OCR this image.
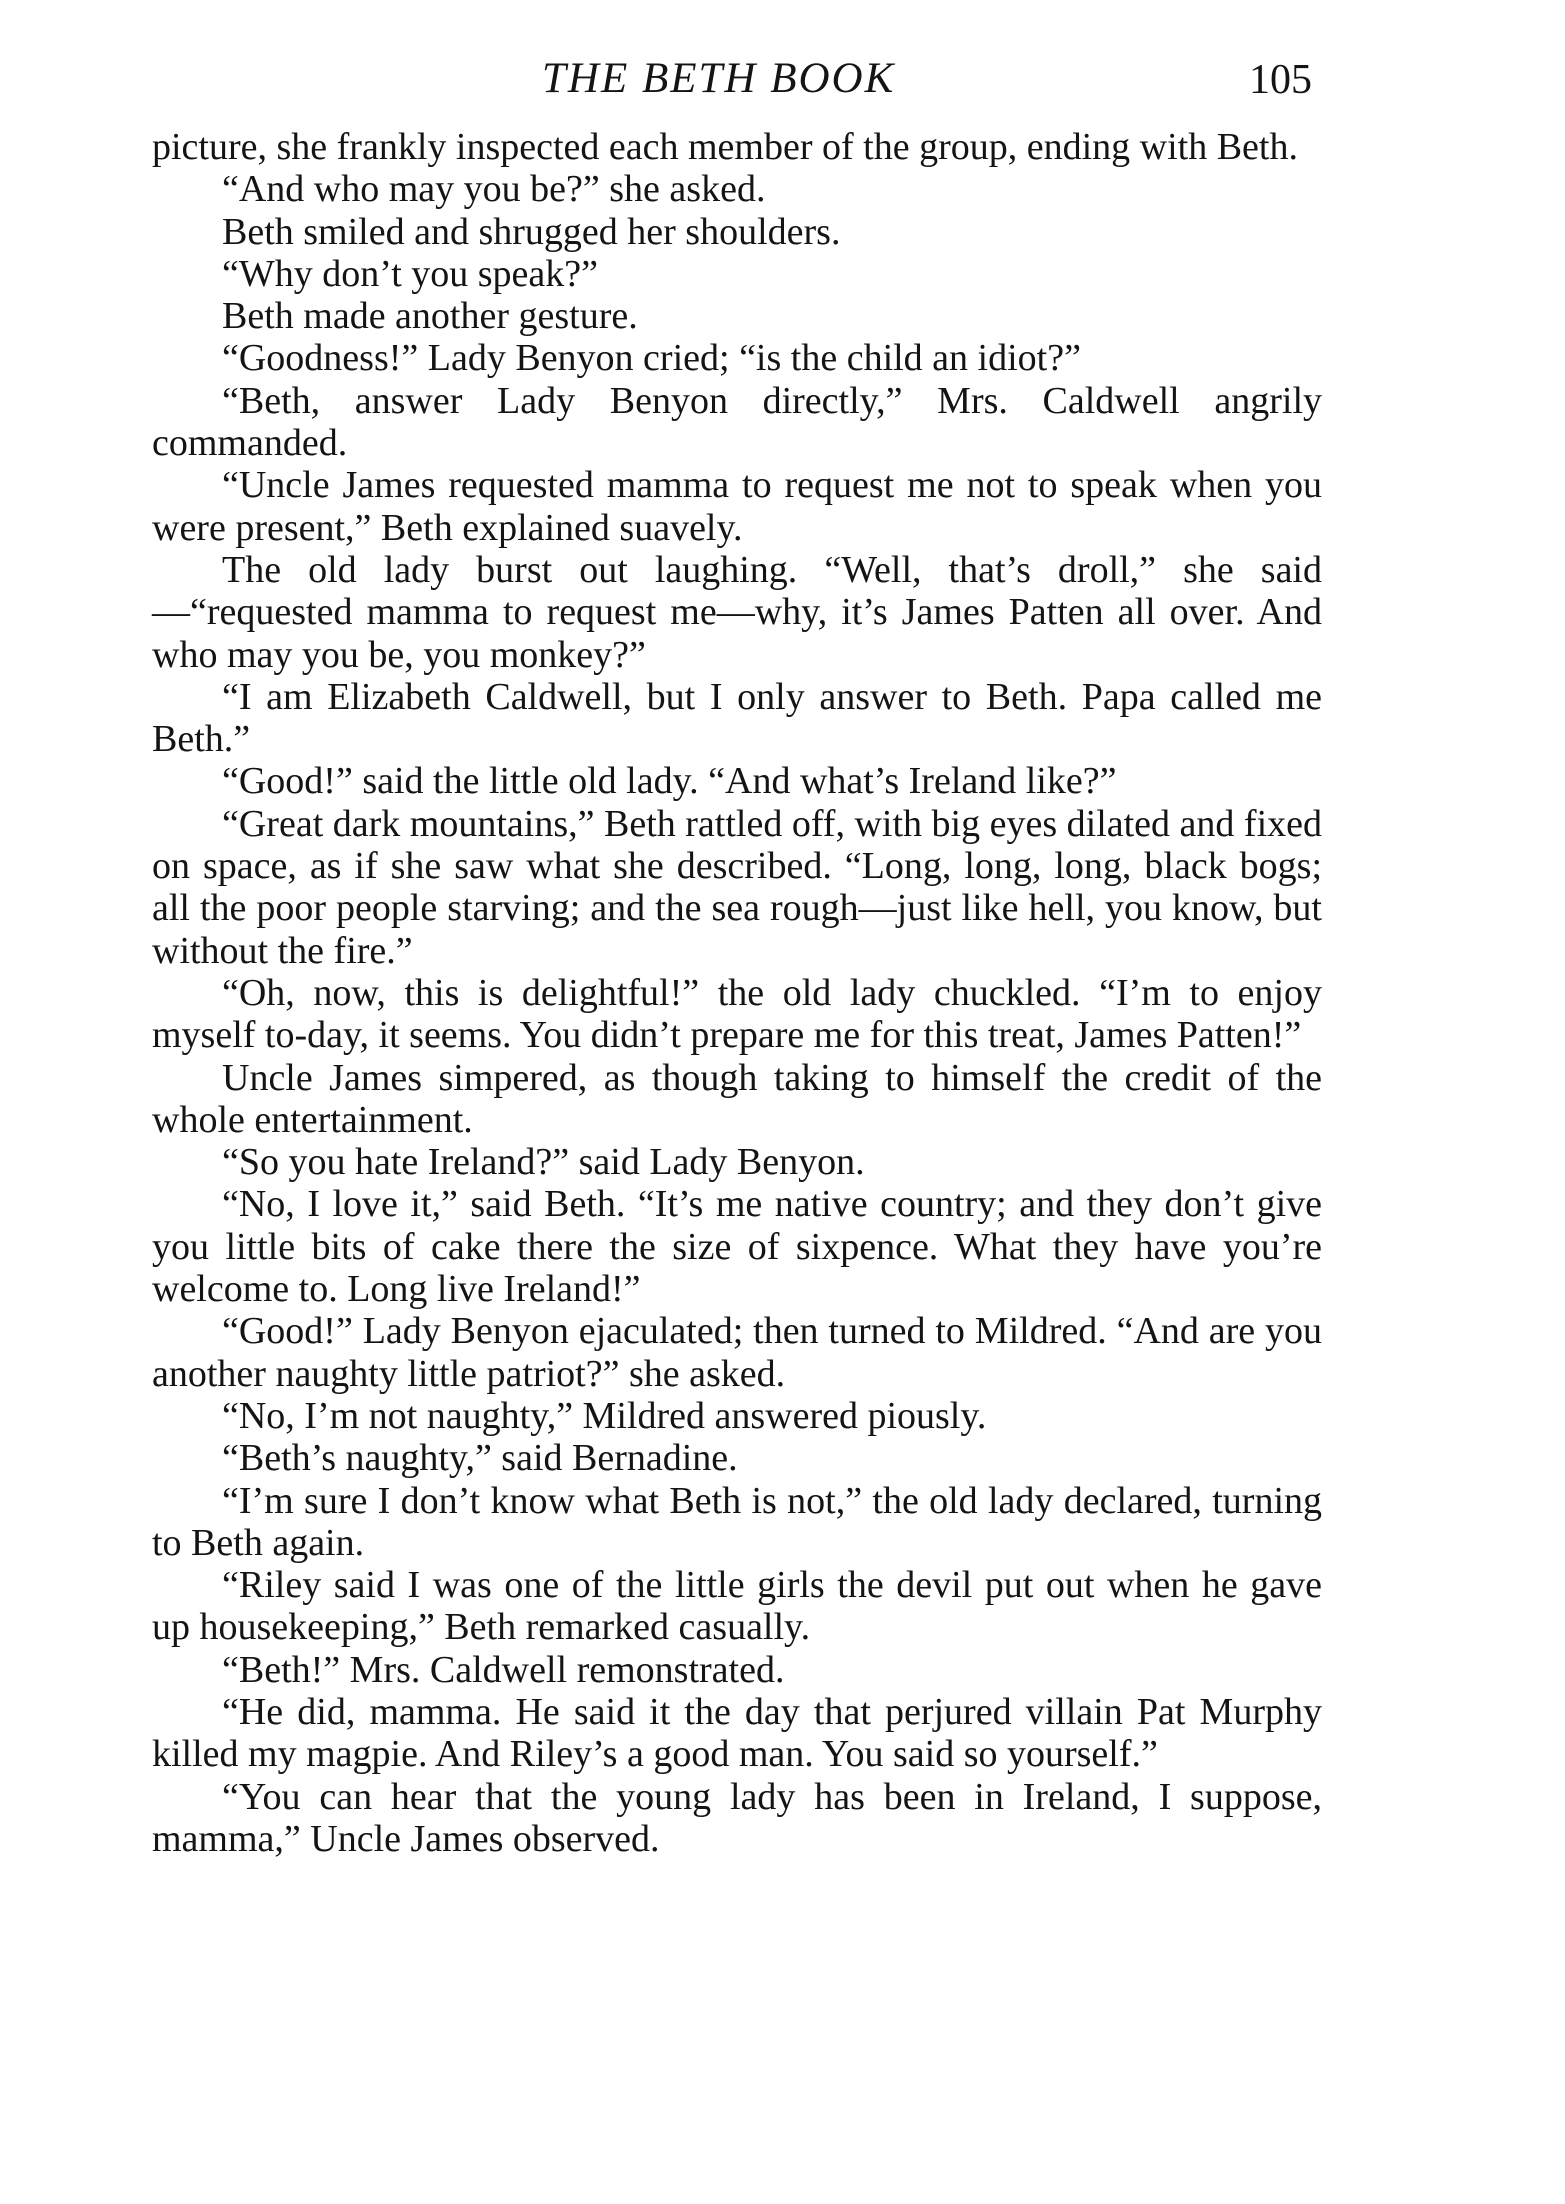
THE BETH BOOK	105

picture, she frankly inspected each member of the group, ending with Beth.

“And who may you be?” she asked.

Beth smiled and shrugged her shoulders.

“Why don’t you speak?”

Beth made another gesture.

“Goodness!” Lady Benyon cried; “is the child an idiot?”

“Beth, answer Lady Benyon directly,” Mrs. Caldwell angrily commanded.

“Uncle James requested mamma to request me not to speak when you were present,” Beth explained suavely.

The old lady burst out laughing. “Well, that’s droll,” she said—“requested mamma to request me—why, it’s James Patten all over. And who may you be, you monkey?”

“I am Elizabeth Caldwell, but I only answer to Beth. Papa called me Beth.”

“Good!” said the little old lady. “And what’s Ireland like?”

“Great dark mountains,” Beth rattled off, with big eyes dilated and fixed on space, as if she saw what she described. “Long, long, long, black bogs; all the poor people starving; and the sea rough—just like hell, you know, but without the fire.”

“Oh, now, this is delightful!” the old lady chuckled. “I’m to enjoy myself to-day, it seems. You didn’t prepare me for this treat, James Patten!”

Uncle James simpered, as though taking to himself the credit of the whole entertainment.

“So you hate Ireland?” said Lady Benyon.

“No, I love it,” said Beth. “It’s me native country; and they don’t give you little bits of cake there the size of sixpence. What they have you’re welcome to. Long live Ireland!”

“Good!” Lady Benyon ejaculated; then turned to Mildred. “And are you another naughty little patriot?” she asked.

“No, I’m not naughty,” Mildred answered piously.

“Beth’s naughty,” said Bernadine.

“I’m sure I don’t know what Beth is not,” the old lady declared, turning to Beth again.

“Riley said I was one of the little girls the devil put out when he gave up housekeeping,” Beth remarked casually.

“Beth!” Mrs. Caldwell remonstrated.

“He did, mamma. He said it the day that perjured villain Pat Murphy killed my magpie. And Riley’s a good man. You said so yourself.”

“You can hear that the young lady has been in Ireland, I suppose, mamma,” Uncle James observed.
